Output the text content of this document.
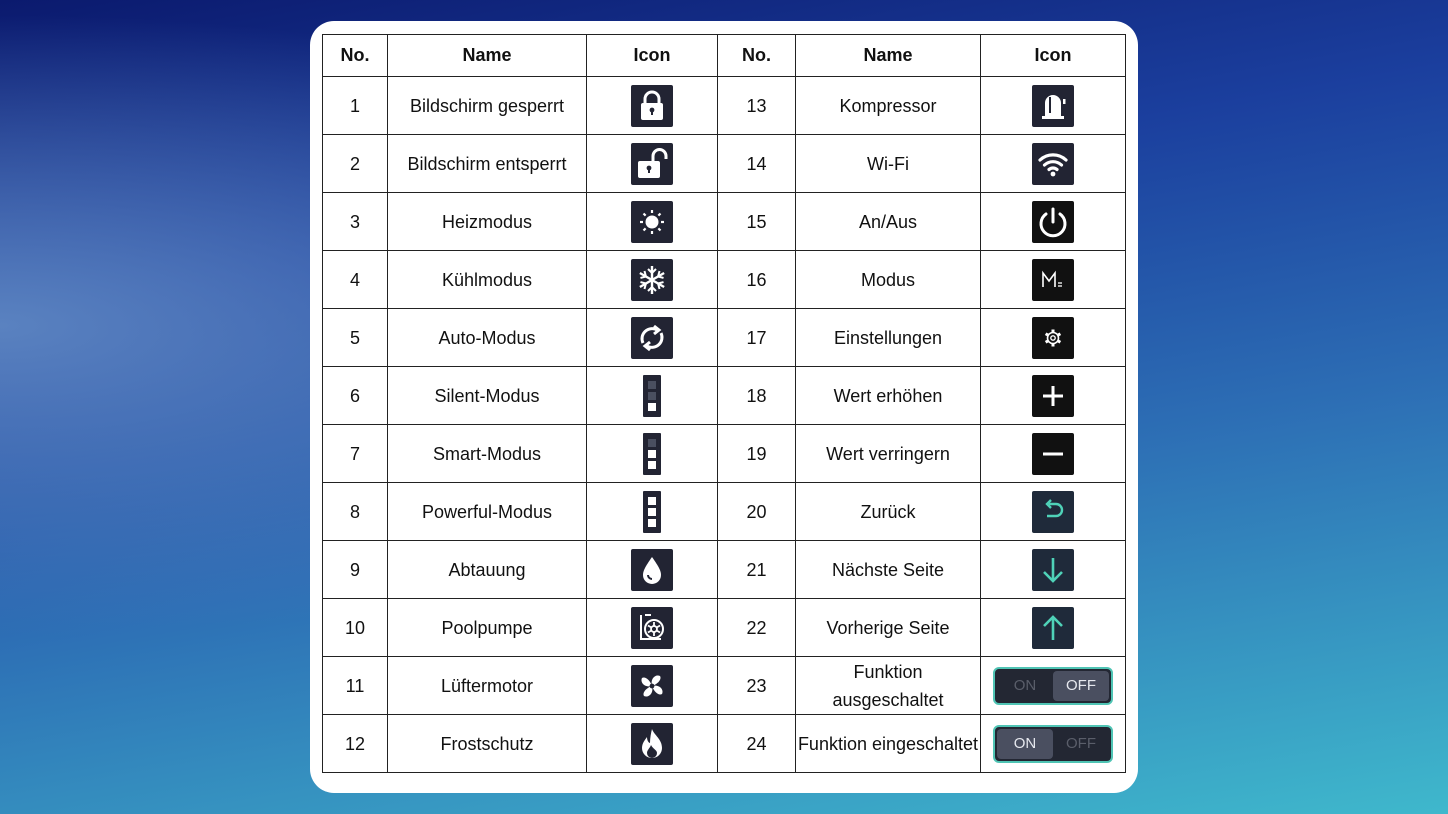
No.	Name	Icon	No.	Name	Icon
1	Bildschirm gesperrt		13	Kompressor	

2	Bildschirm entsperrt		14	Wi-Fi	

3	Heizmodus		15	An/Aus	

4	Kühlmodus		16	Modus	

5	Auto-Modus		17	Einstellungen	

6	Silent-Modus		18	Wert erhöhen	

7	Smart-Modus		19	Wert verringern	

8	Powerful-Modus		20	Zurück	

9	Abtauung		21	Nächste Seite	

10	Poolpumpe		22	Vorherige Seite	

11	Lüftermotor		23	Funktion ausgeschaltet	ON OFF

12	Frostschutz		24	Funktion eingeschaltet	ON OFF
